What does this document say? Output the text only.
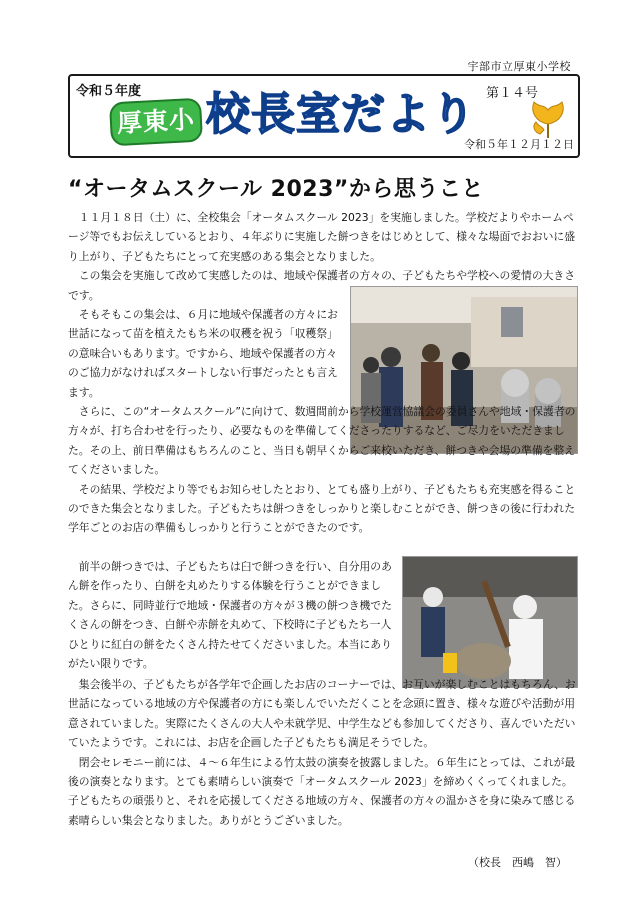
宇部市立厚東小学校
令和５年度
厚東小 校長室だより 第１４号
令和５年１２月１２日
“オータムスクール 2023”から思うこと

１１月１８日（土）に、全校集会「オータムスクール 2023」を実施しました。学校だよりやホームページ等でもお伝えしているとおり、４年ぶりに実施した餅つきをはじめとして、様々な場面でおおいに盛り上がり、子どもたちにとって充実感のある集会となりました。

この集会を実施して改めて実感したのは、地域や保護者の方々の、子どもたちや学校への愛情の大きさです。

そもそもこの集会は、６月に地域や保護者の方々にお世話になって苗を植えたもち米の収穫を祝う「収穫祭」の意味合いもあります。ですから、地域や保護者の方々のご協力がなければスタートしない行事だったとも言えます。

さらに、この“オータムスクール”に向けて、数週間前から学校運営協議会の委員さんや地域・保護者の方々が、打ち合わせを行ったり、必要なものを準備してくださったりするなど、ご尽力をいただきました。その上、前日準備はもちろんのこと、当日も朝早くからご来校いただき、餅つきや会場の準備を整えてくださいました。

その結果、学校だより等でもお知らせしたとおり、とても盛り上がり、子どもたちも充実感を得ることのできた集会となりました。子どもたちは餅つきをしっかりと楽しむことができ、餅つきの後に行われた学年ごとのお店の準備もしっかりと行うことができたのです。

前半の餅つきでは、子どもたちは臼で餅つきを行い、自分用のあん餅を作ったり、白餅を丸めたりする体験を行うことができました。さらに、同時並行で地域・保護者の方々が３機の餅つき機でたくさんの餅をつき、白餅や赤餅を丸めて、下校時に子どもたち一人ひとりに紅白の餅をたくさん持たせてくださいました。本当にありがたい限りです。

集会後半の、子どもたちが各学年で企画したお店のコーナーでは、お互いが楽しむことはもちろん、お世話になっている地域の方や保護者の方にも楽しんでいただくことを念頭に置き、様々な遊びや活動が用意されていました。実際にたくさんの大人や未就学児、中学生なども参加してくださり、喜んでいただいていたようです。これには、お店を企画した子どもたちも満足そうでした。

閉会セレモニー前には、４～６年生による竹太鼓の演奏を披露しました。６年生にとっては、これが最後の演奏となります。とても素晴らしい演奏で「オータムスクール 2023」を締めくくってくれました。子どもたちの頑張りと、それを応援してくださる地域の方々、保護者の方々の温かさを身に染みて感じる素晴らしい集会となりました。ありがとうございました。

（校長　西嶋　智）
